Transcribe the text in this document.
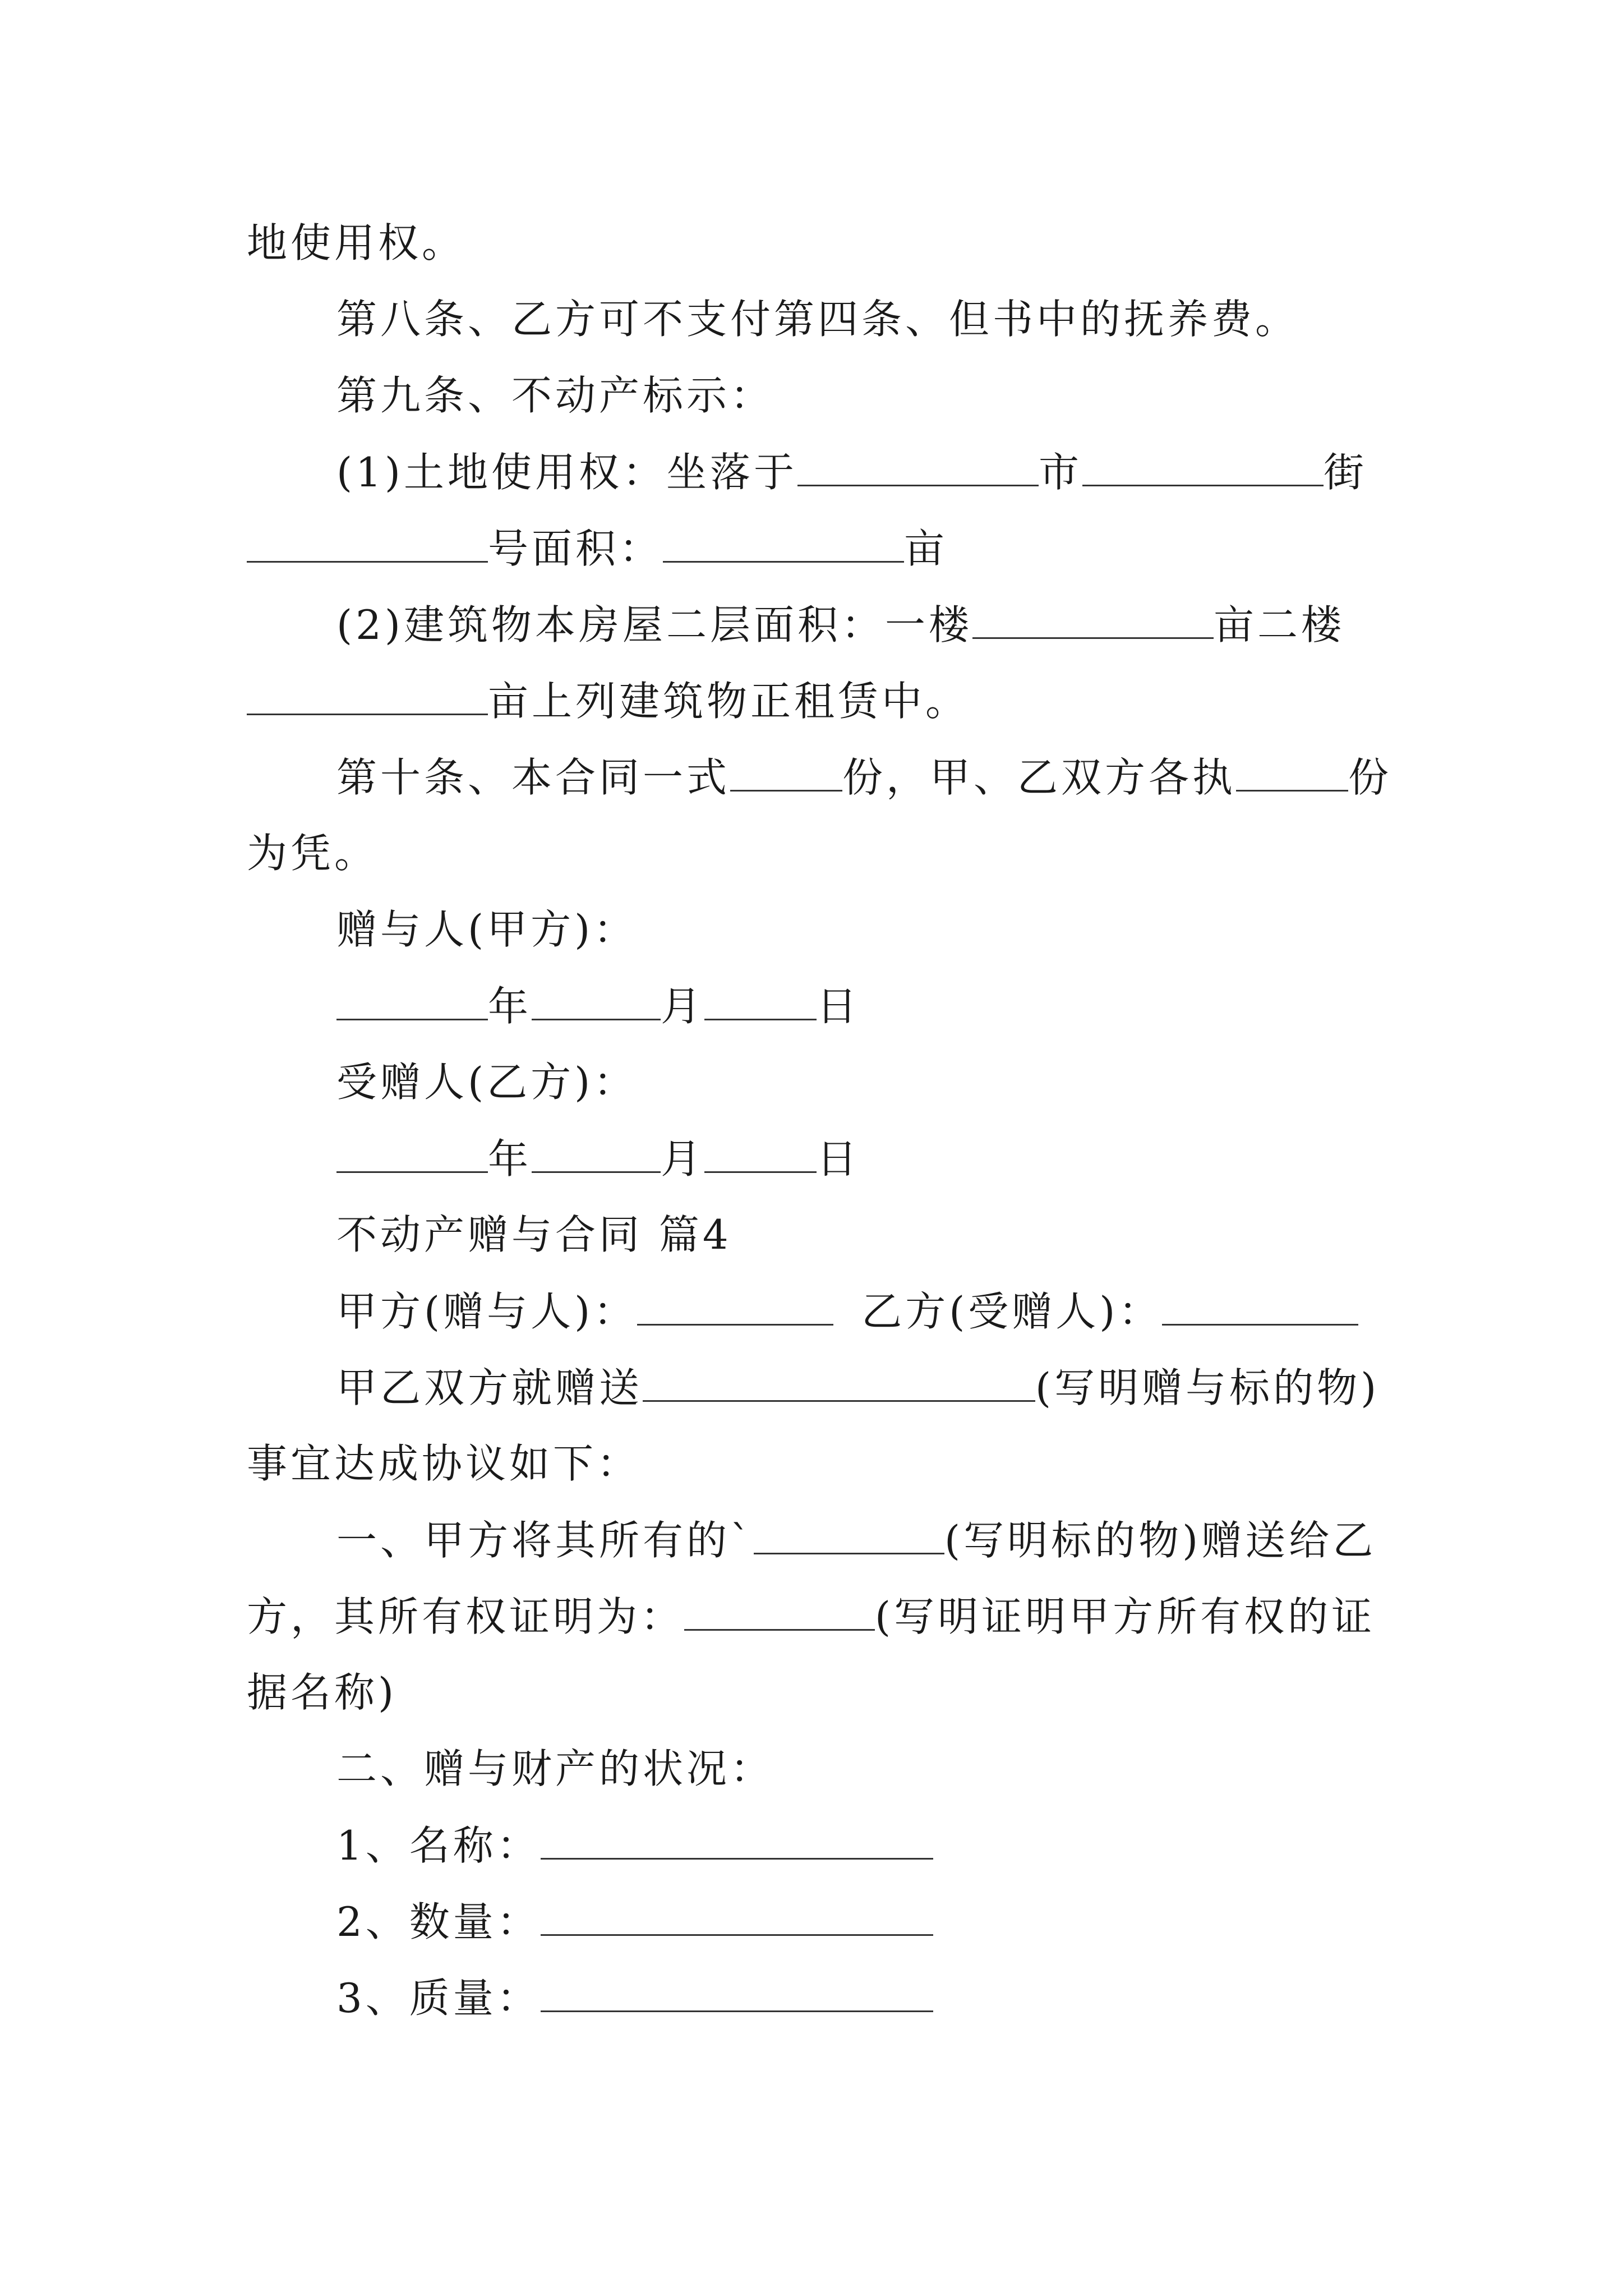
地使用权。
第八条、乙方可不支付第四条、但书中的抚养费。
第九条、不动产标示：
(1)土地使用权：坐落于	市	街
号面积：	亩
(2)建筑物本房屋二层面积：一楼	亩二楼
亩上列建筑物正租赁中。
第十条、本合同一式	份，甲、乙双方各执	份
为凭。
赠与人(甲方)：
年	月	日
受赠人(乙方)：
年	月	日
不动产赠与合同 篇4
甲方(赠与人)：	乙方(受赠人)：
甲乙双方就赠送	(写明赠与标的物)
事宜达成协议如下：
一、甲方将其所有的`	(写明标的物)赠送给乙
方，其所有权证明为：	(写明证明甲方所有权的证
据名称)
二、赠与财产的状况：
1、名称：
2、数量：
3、质量：
